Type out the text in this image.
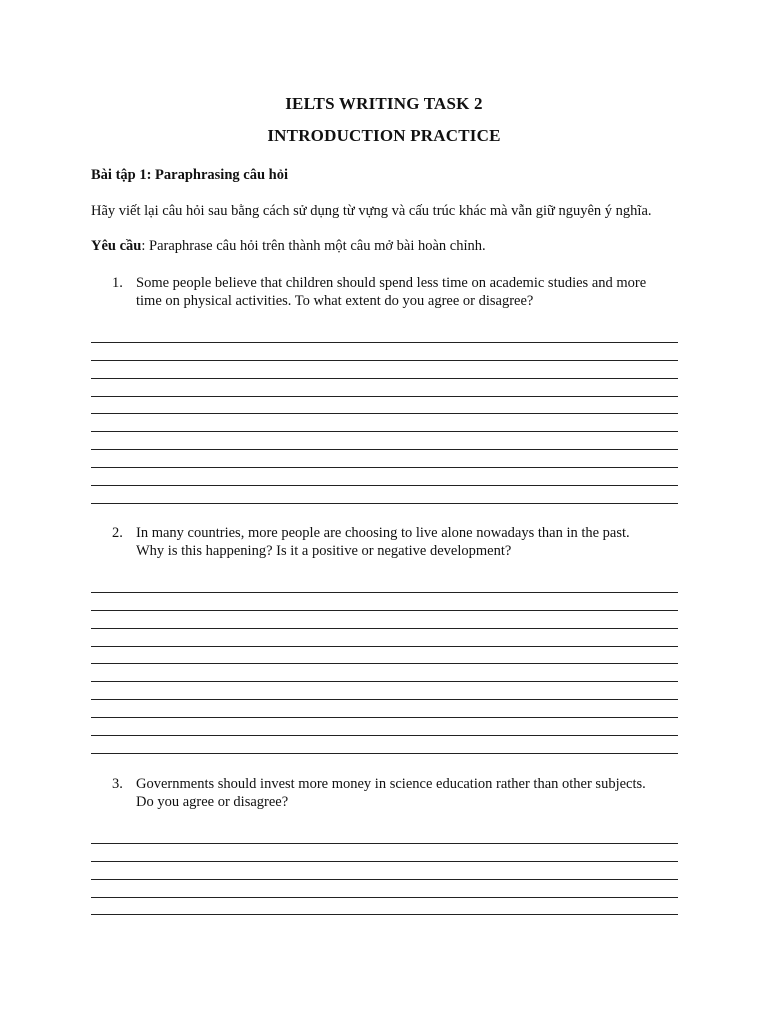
IELTS WRITING TASK 2
INTRODUCTION PRACTICE
Bài tập 1: Paraphrasing câu hỏi
Hãy viết lại câu hỏi sau bằng cách sử dụng từ vựng và cấu trúc khác mà vẫn giữ nguyên ý nghĩa.
Yêu cầu: Paraphrase câu hỏi trên thành một câu mở bài hoàn chỉnh.
1. Some people believe that children should spend less time on academic studies and more
time on physical activities. To what extent do you agree or disagree?
2. In many countries, more people are choosing to live alone nowadays than in the past.
Why is this happening? Is it a positive or negative development?
3. Governments should invest more money in science education rather than other subjects.
Do you agree or disagree?
